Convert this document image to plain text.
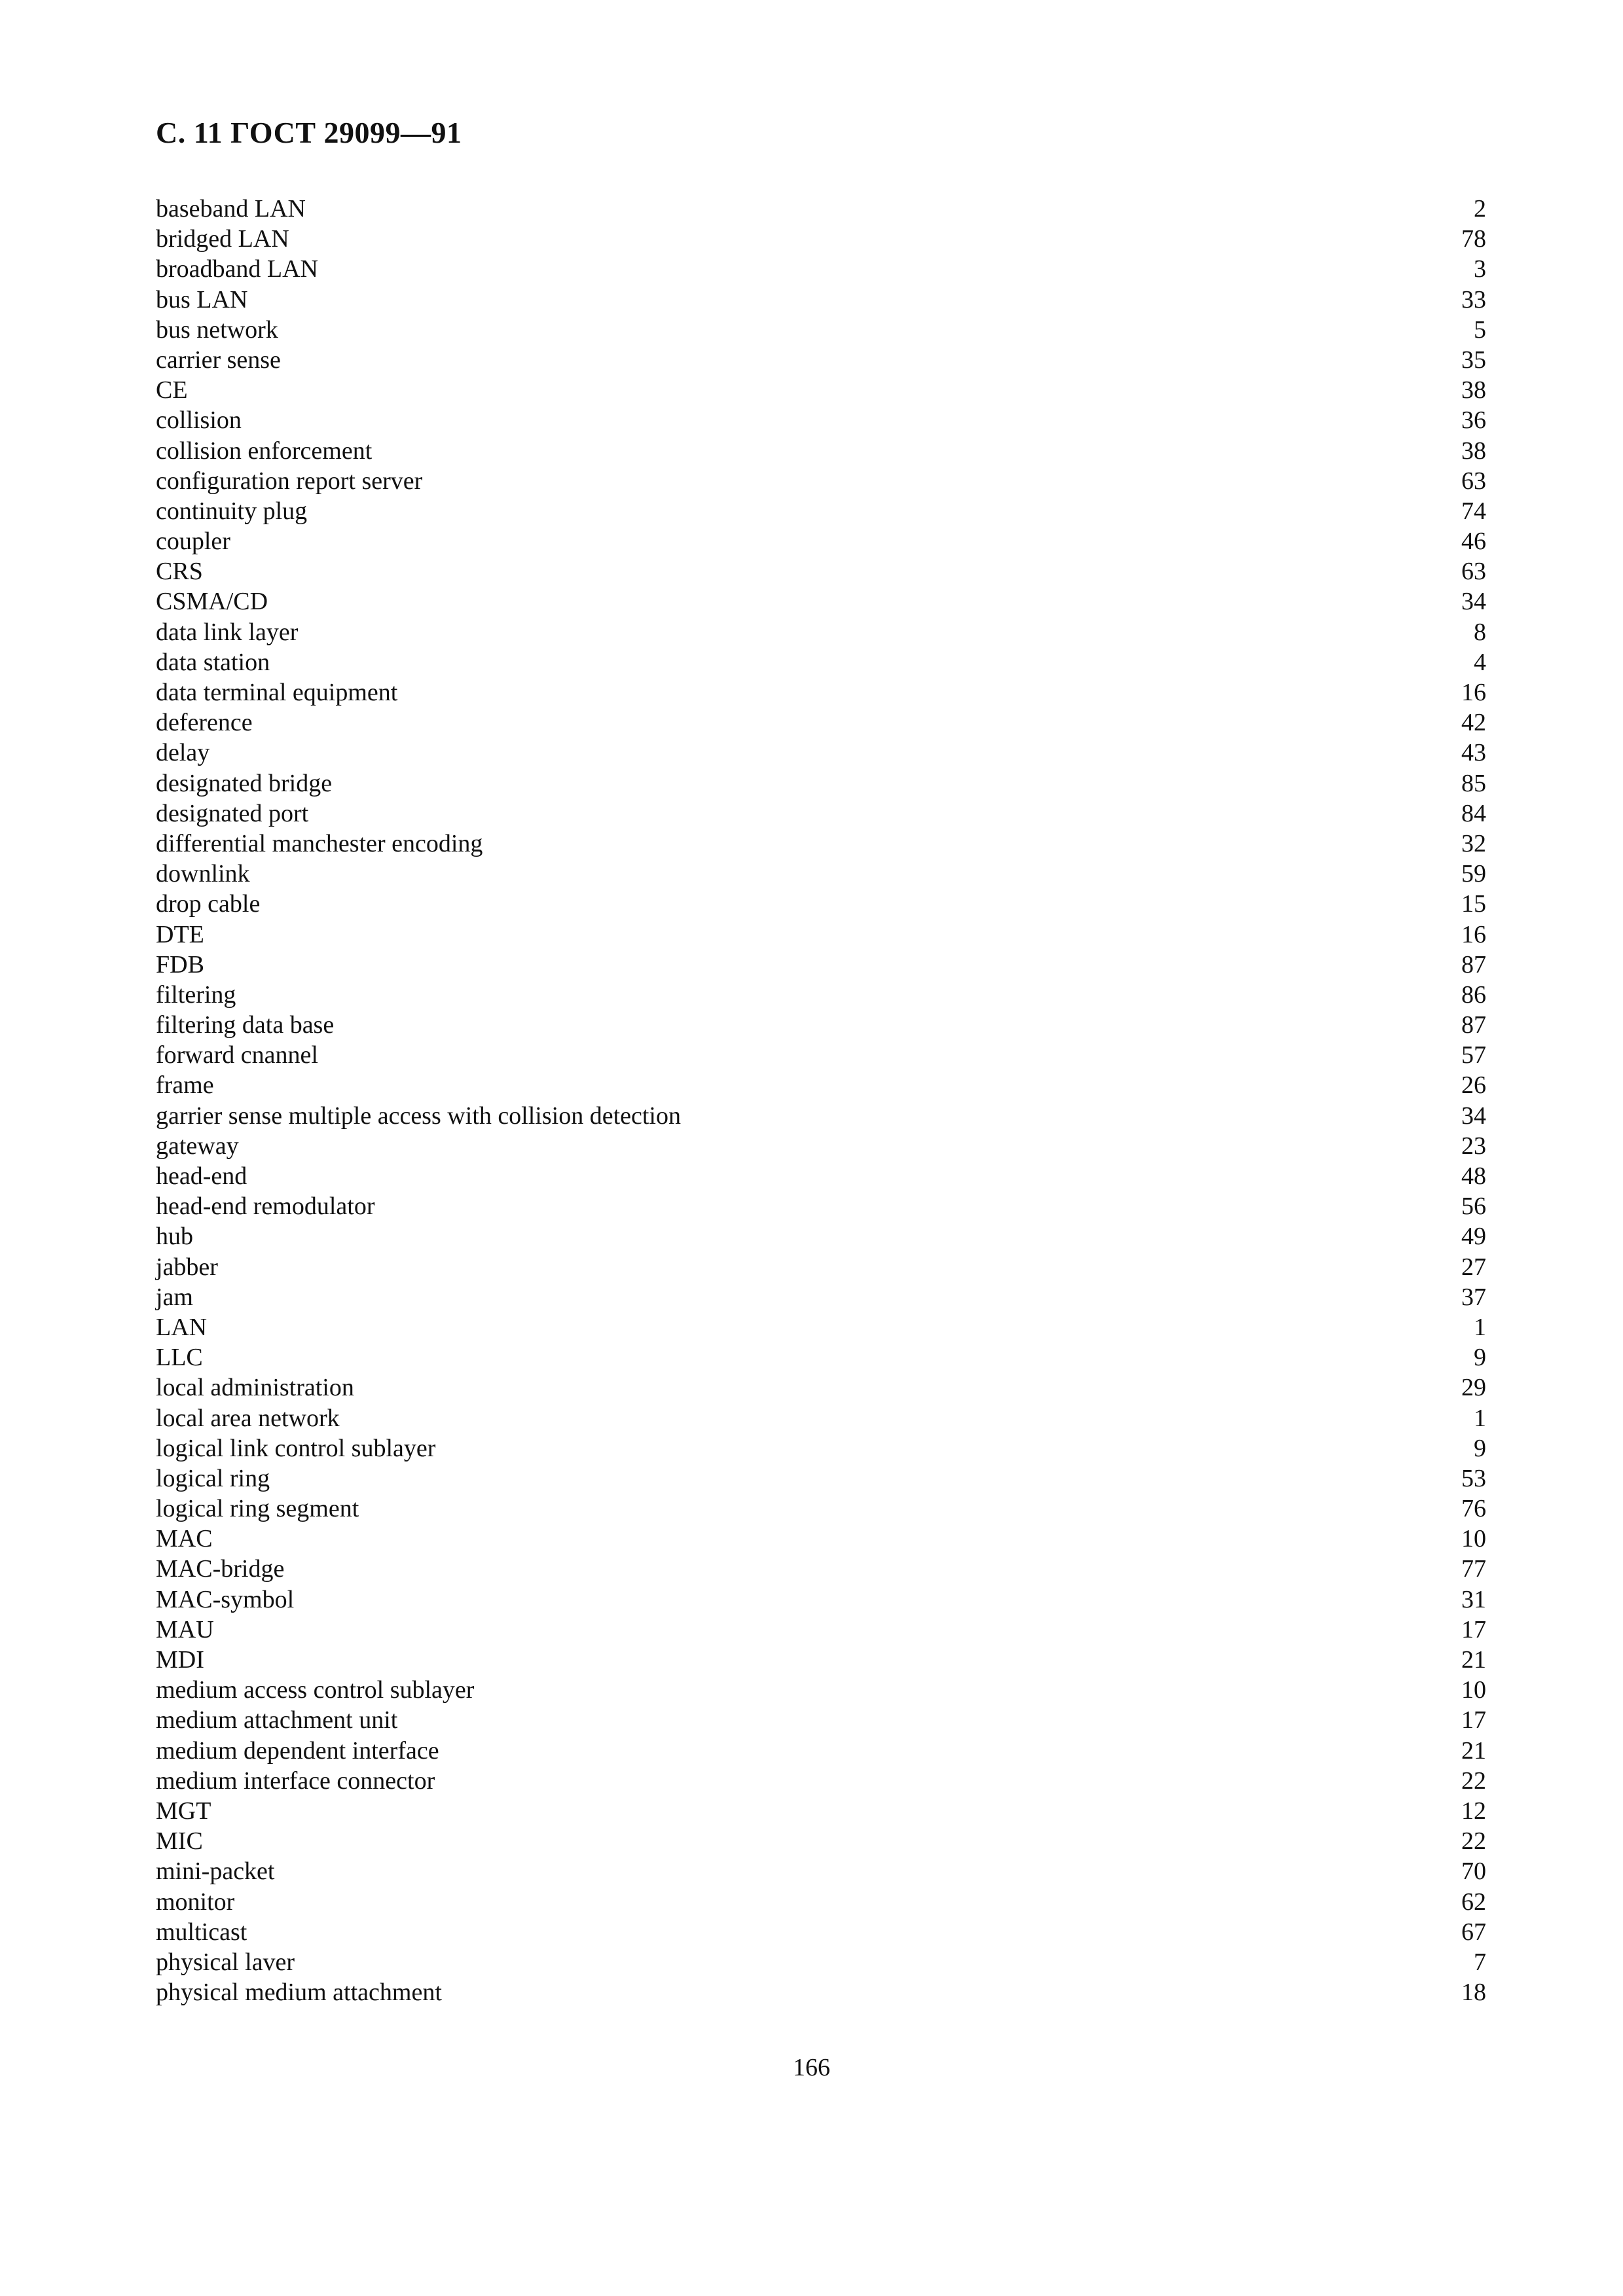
С. 11 ГОСТ 29099—91
baseband LAN	2
bridged LAN	78
broadband LAN	3
bus LAN	33
bus network	5
carrier sense	35
CE	38
collision	36
collision enforcement	38
configuration report server	63
continuity plug	74
coupler	46
CRS	63
CSMA/CD	34
data link layer	8
data station	4
data terminal equipment	16
deference	42
delay	43
designated bridge	85
designated port	84
differential manchester encoding	32
downlink	59
drop cable	15
DTE	16
FDB	87
filtering	86
filtering data base	87
forward cnannel	57
frame	26
garrier sense multiple access with collision detection	34
gateway	23
head-end	48
head-end remodulator	56
hub	49
jabber	27
jam	37
LAN	1
LLC	9
local administration	29
local area network	1
logical link control sublayer	9
logical ring	53
logical ring segment	76
MAC	10
MAC-bridge	77
MAC-symbol	31
MAU	17
MDI	21
medium access control sublayer	10
medium attachment unit	17
medium dependent interface	21
medium interface connector	22
MGT	12
MIC	22
mini-packet	70
monitor	62
multicast	67
physical laver	7
physical medium attachment	18
166
